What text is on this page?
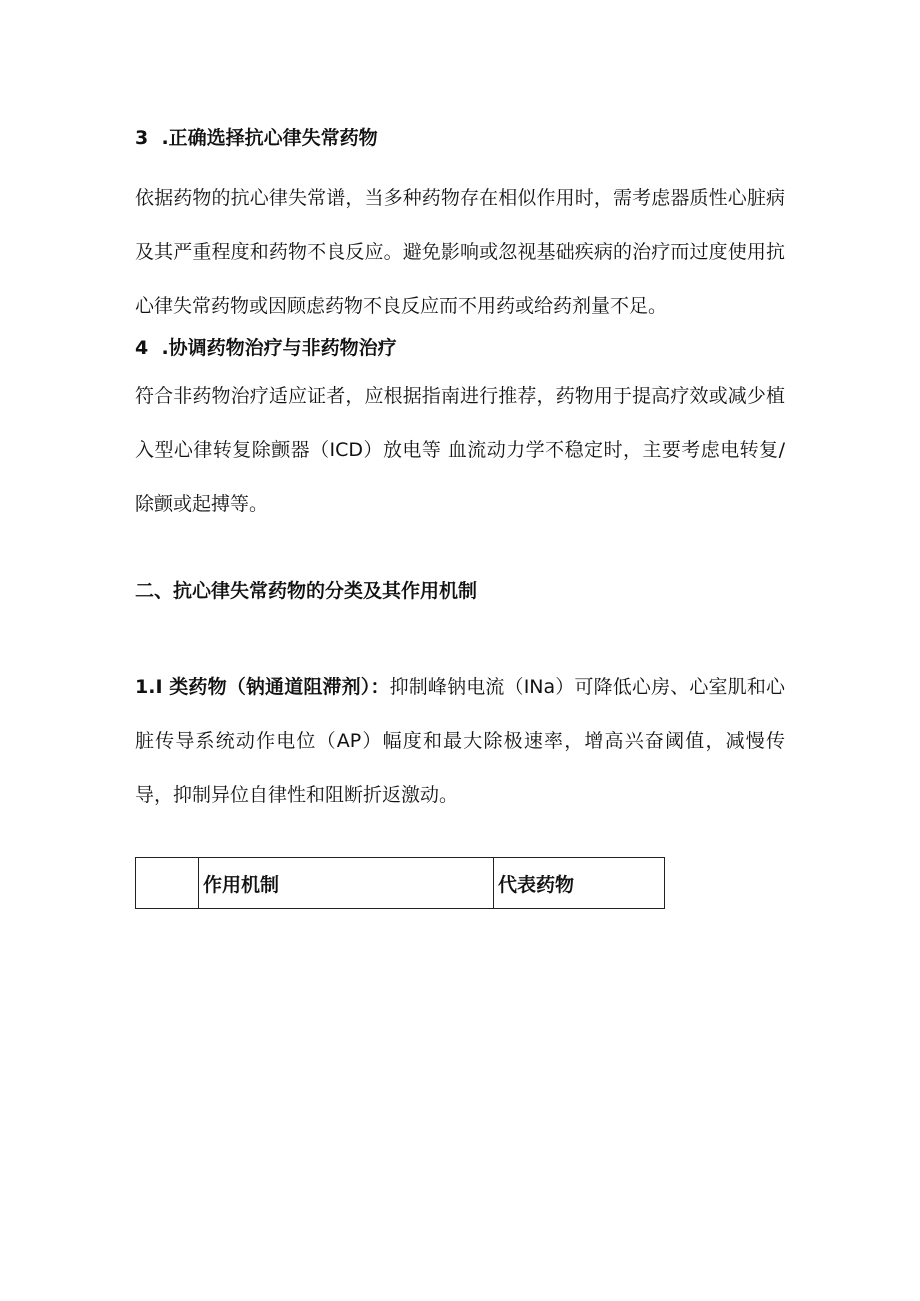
3  .正确选择抗心律失常药物
依据药物的抗心律失常谱，当多种药物存在相似作用时，需考虑器质性心脏病及其严重程度和药物不良反应。避免影响或忽视基础疾病的治疗而过度使用抗心律失常药物或因顾虑药物不良反应而不用药或给药剂量不足。
4  .协调药物治疗与非药物治疗
符合非药物治疗适应证者，应根据指南进行推荐，药物用于提高疗效或减少植入型心律转复除颤器（ICD）放电等 血流动力学不稳定时，主要考虑电转复/除颤或起搏等。
二、抗心律失常药物的分类及其作用机制
1.I 类药物（钠通道阻滞剂）：抑制峰钠电流（INa）可降低心房、心室肌和心脏传导系统动作电位（AP）幅度和最大除极速率，增高兴奋阈值，减慢传导，抑制异位自律性和阻断折返激动。
	作用机制	代表药物
